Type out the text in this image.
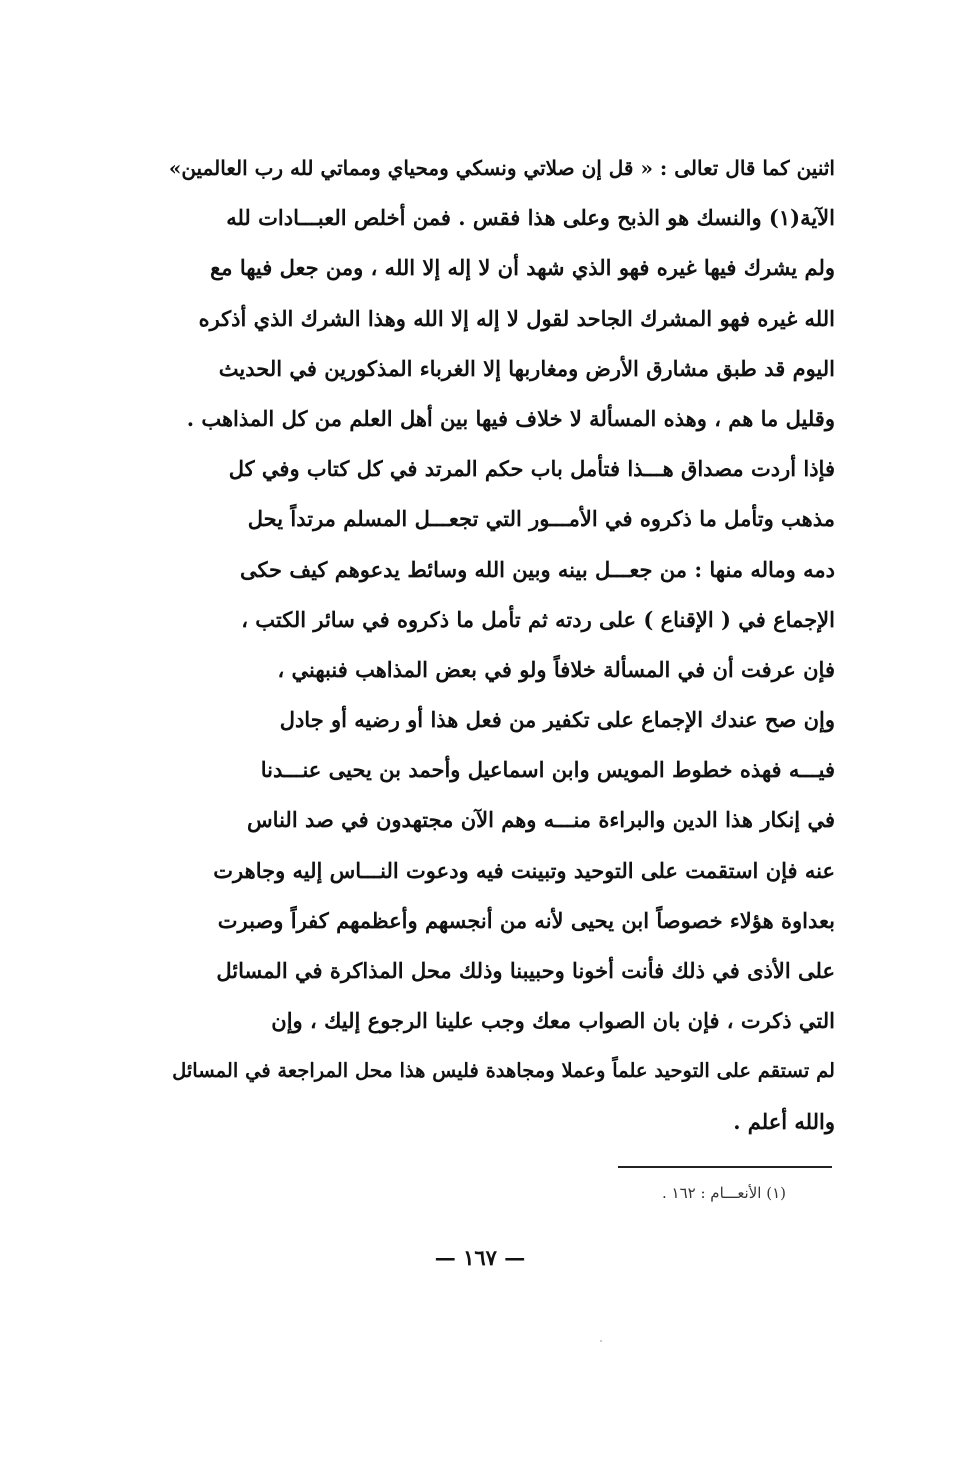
اثنين كما قال تعالى : « قل إن صلاتي ونسكي ومحياي ومماتي لله رب العالمين»
الآية(١) والنسك هو الذبح وعلى هذا فقس . فمن أخلص العبـــادات لله
ولم يشرك فيها غيره فهو الذي شهد أن لا إله إلا الله ، ومن جعل فيها مع
الله غيره فهو المشرك الجاحد لقول لا إله إلا الله وهذا الشرك الذي أذكره
اليوم قد طبق مشارق الأرض ومغاربها إلا الغرباء المذكورين في الحديث
وقليل ما هم ، وهذه المسألة لا خلاف فيها بين أهل العلم من كل المذاهب .
فإذا أردت مصداق هـــذا فتأمل باب حكم المرتد في كل كتاب وفي كل
مذهب وتأمل ما ذكروه في الأمـــور التي تجعـــل المسلم مرتداً يحل
دمه وماله منها : من جعـــل بينه وبين الله وسائط يدعوهم كيف حكى
الإجماع في ( الإقناع ) على ردته ثم تأمل ما ذكروه في سائر الكتب ،
فإن عرفت أن في المسألة خلافاً ولو في بعض المذاهب فنبهني ،
وإن صح عندك الإجماع على تكفير من فعل هذا أو رضيه أو جادل
فيـــه فهذه خطوط المويس وابن اسماعيل وأحمد بن يحيى عنـــدنا
في إنكار هذا الدين والبراءة منـــه وهم الآن مجتهدون في صد الناس
عنه فإن استقمت على التوحيد وتبينت فيه ودعوت النـــاس إليه وجاهرت
بعداوة هؤلاء خصوصاً ابن يحيى لأنه من أنجسهم وأعظمهم كفراً وصبرت
على الأذى في ذلك فأنت أخونا وحبيبنا وذلك محل المذاكرة في المسائل
التي ذكرت ، فإن بان الصواب معك وجب علينا الرجوع إليك ، وإن
لم تستقم على التوحيد علماً وعملا ومجاهدة فليس هذا محل المراجعة في المسائل
والله أعلم .
(١) الأنعـــام : ١٦٢ .
— ١٦٧ —
